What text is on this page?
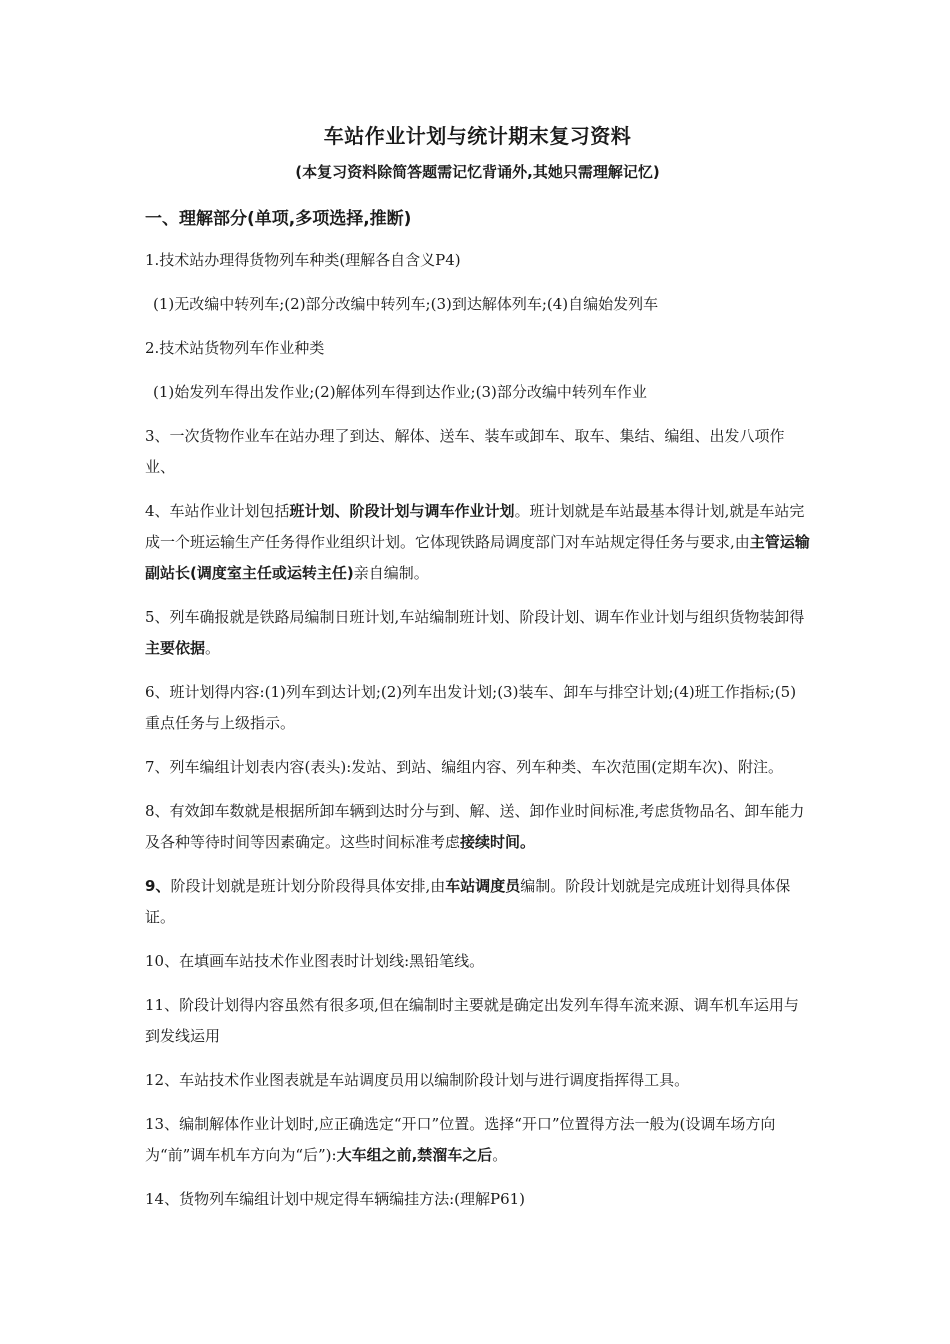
车站作业计划与统计期末复习资料
(本复习资料除简答题需记忆背诵外,其她只需理解记忆)
一、理解部分(单项,多项选择,推断)

1.技术站办理得货物列车种类(理解各自含义P4)

(1)无改编中转列车;(2)部分改编中转列车;(3)到达解体列车;(4)自编始发列车

2.技术站货物列车作业种类

(1)始发列车得出发作业;(2)解体列车得到达作业;(3)部分改编中转列车作业

3、一次货物作业车在站办理了到达、解体、送车、装车或卸车、取车、集结、编组、出发八项作业、

4、车站作业计划包括班计划、阶段计划与调车作业计划。班计划就是车站最基本得计划,就是车站完成一个班运输生产任务得作业组织计划。它体现铁路局调度部门对车站规定得任务与要求,由主管运输副站长(调度室主任或运转主任)亲自编制。

5、列车确报就是铁路局编制日班计划,车站编制班计划、阶段计划、调车作业计划与组织货物装卸得主要依据。

6、班计划得内容:(1)列车到达计划;(2)列车出发计划;(3)装车、卸车与排空计划;(4)班工作指标;(5)重点任务与上级指示。

7、列车编组计划表内容(表头):发站、到站、编组内容、列车种类、车次范围(定期车次)、附注。

8、有效卸车数就是根据所卸车辆到达时分与到、解、送、卸作业时间标准,考虑货物品名、卸车能力及各种等待时间等因素确定。这些时间标准考虑接续时间。

9、阶段计划就是班计划分阶段得具体安排,由车站调度员编制。阶段计划就是完成班计划得具体保证。

10、在填画车站技术作业图表时计划线:黑铅笔线。

11、阶段计划得内容虽然有很多项,但在编制时主要就是确定出发列车得车流来源、调车机车运用与到发线运用

12、车站技术作业图表就是车站调度员用以编制阶段计划与进行调度指挥得工具。

13、编制解体作业计划时,应正确选定“开口”位置。选择“开口”位置得方法一般为(设调车场方向为“前”调车机车方向为“后”):大车组之前,禁溜车之后。

14、货物列车编组计划中规定得车辆编挂方法:(理解P61)
